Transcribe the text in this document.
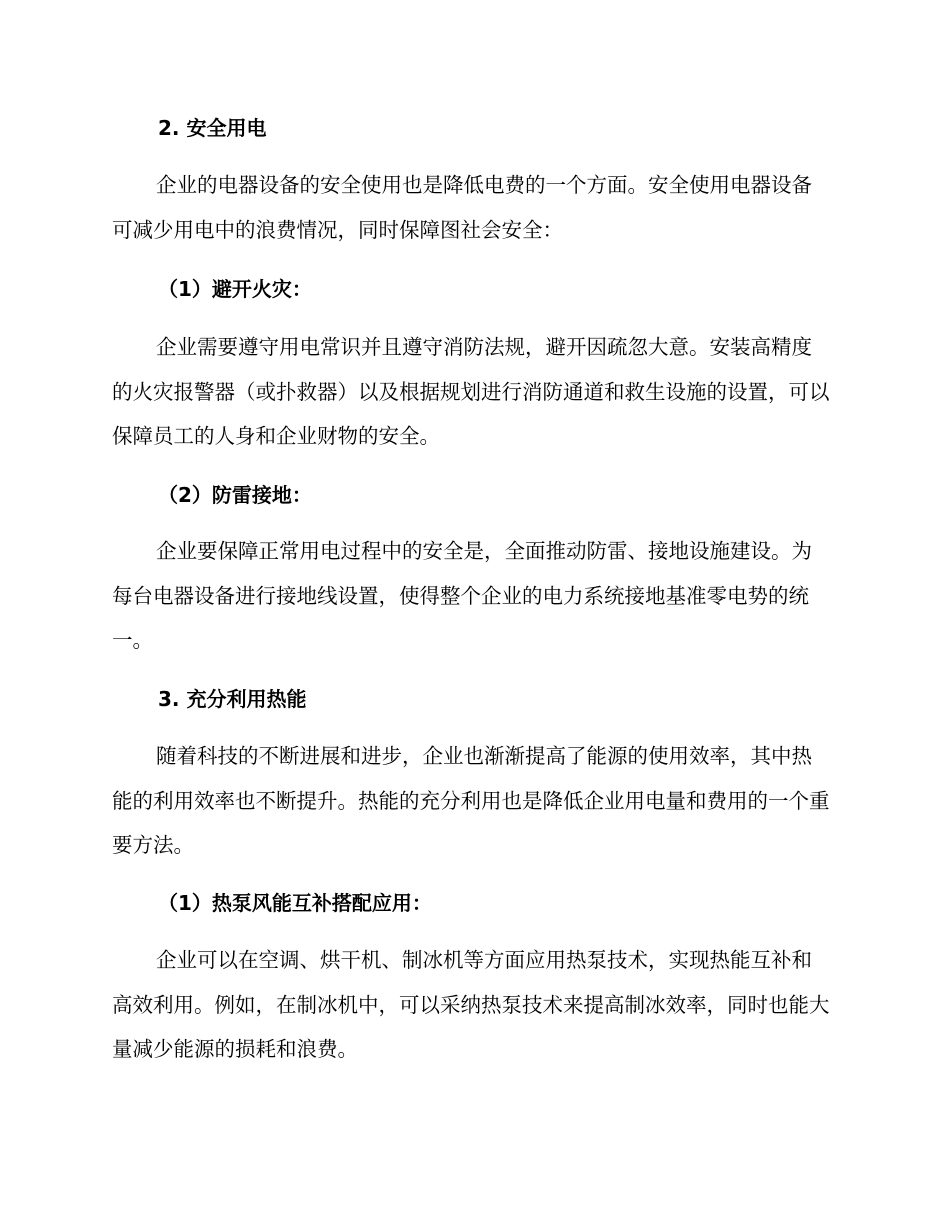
2. 安全用电

企业的电器设备的安全使用也是降低电费的一个方面。安全使用电器设备可减少用电中的浪费情况，同时保障图社会安全：

（1）避开火灾：

企业需要遵守用电常识并且遵守消防法规，避开因疏忽大意。安装高精度的火灾报警器（或扑救器）以及根据规划进行消防通道和救生设施的设置，可以保障员工的人身和企业财物的安全。

（2）防雷接地：

企业要保障正常用电过程中的安全是，全面推动防雷、接地设施建设。为每台电器设备进行接地线设置，使得整个企业的电力系统接地基准零电势的统一。

3. 充分利用热能

随着科技的不断进展和进步，企业也渐渐提高了能源的使用效率，其中热能的利用效率也不断提升。热能的充分利用也是降低企业用电量和费用的一个重要方法。

（1）热泵风能互补搭配应用：

企业可以在空调、烘干机、制冰机等方面应用热泵技术，实现热能互补和高效利用。例如，在制冰机中，可以采纳热泵技术来提高制冰效率，同时也能大量减少能源的损耗和浪费。
